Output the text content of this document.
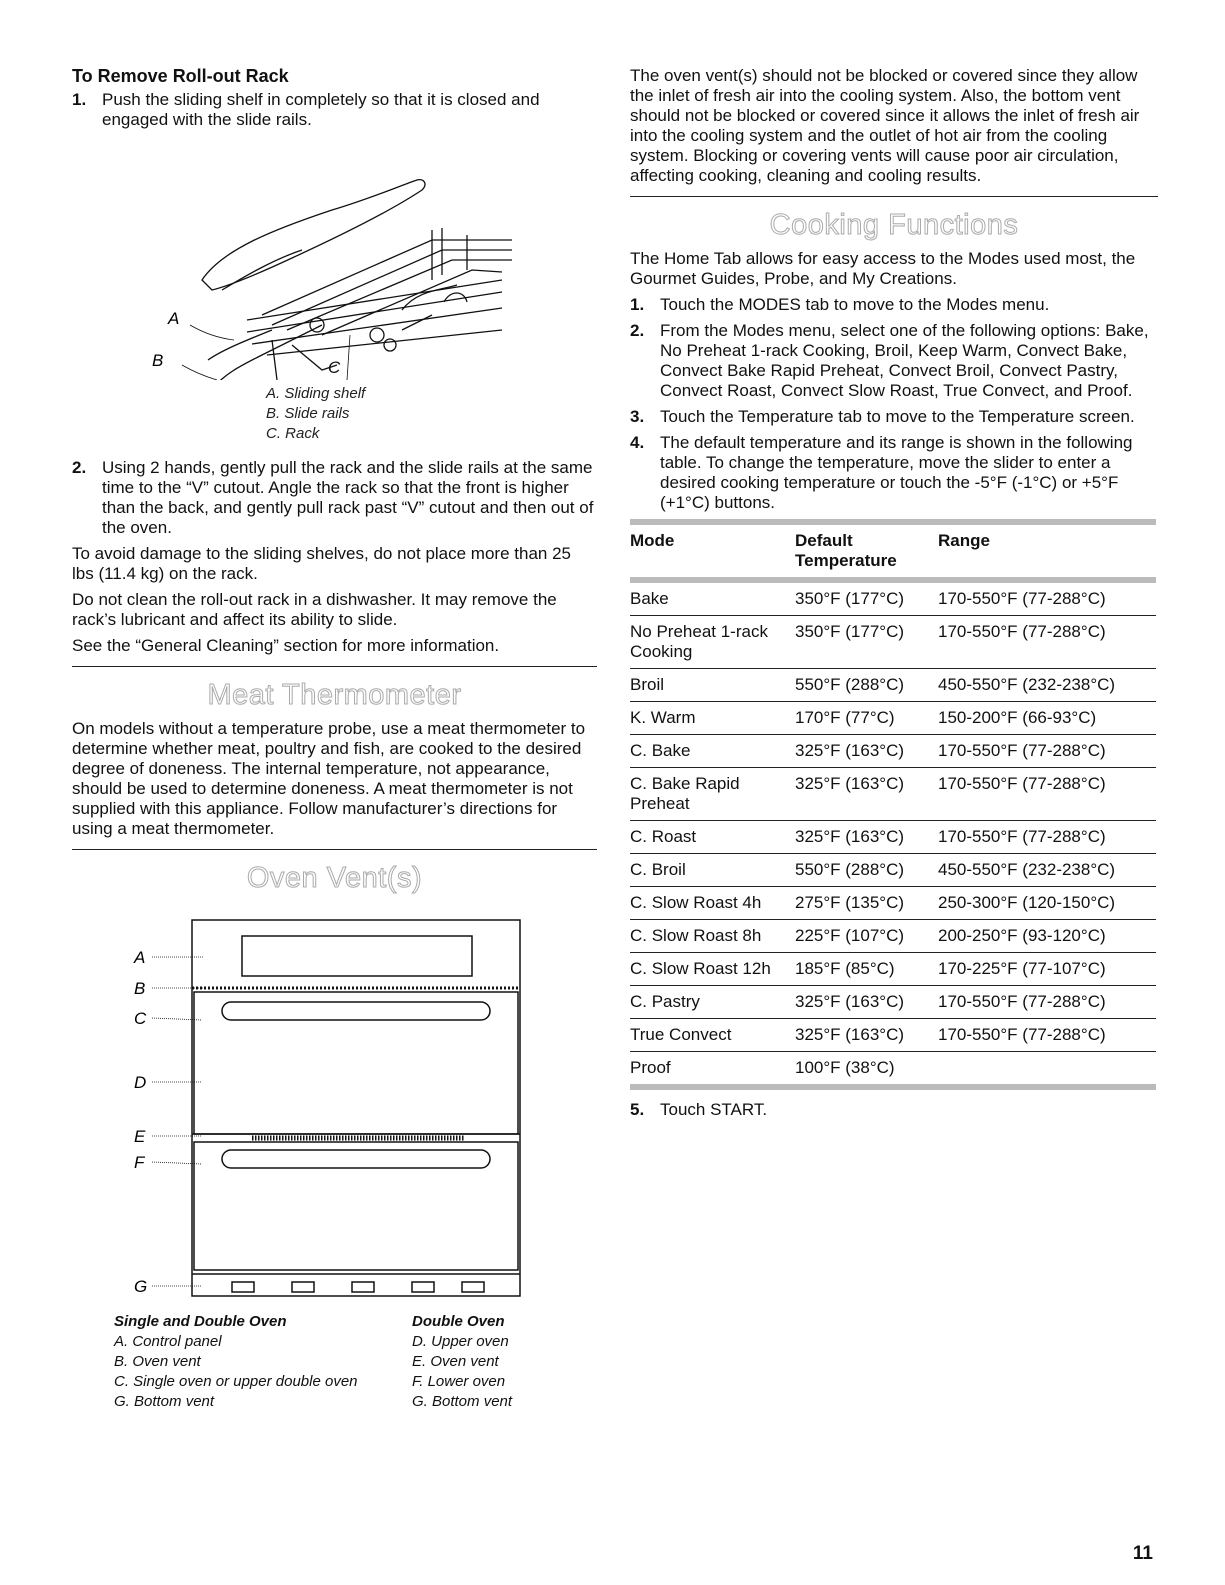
To Remove Roll-out Rack
1. Push the sliding shelf in completely so that it is closed and engaged with the slide rails.
A
B	C
A. Sliding shelf
B. Slide rails
C. Rack
2. Using 2 hands, gently pull the rack and the slide rails at the same time to the “V” cutout. Angle the rack so that the front is higher than the back, and gently pull rack past “V” cutout and then out of the oven.

To avoid damage to the sliding shelves, do not place more than 25 lbs (11.4 kg) on the rack.

Do not clean the roll-out rack in a dishwasher. It may remove the rack’s lubricant and affect its ability to slide.

See the “General Cleaning” section for more information.

Meat Thermometer

On models without a temperature probe, use a meat thermometer to determine whether meat, poultry and fish, are cooked to the desired degree of doneness. The internal temperature, not appearance, should be used to determine doneness. A meat thermometer is not supplied with this appliance. Follow manufacturer’s directions for using a meat thermometer.

Oven Vent(s)
A
B
C
D
E
F
G
Single and Double Oven
A. Control panel
B. Oven vent
C. Single oven or upper double oven
G. Bottom vent
Double Oven
D. Upper oven
E. Oven vent
F. Lower oven
G. Bottom vent

The oven vent(s) should not be blocked or covered since they allow the inlet of fresh air into the cooling system. Also, the bottom vent should not be blocked or covered since it allows the inlet of fresh air into the cooling system and the outlet of hot air from the cooling system. Blocking or covering vents will cause poor air circulation, affecting cooking, cleaning and cooling results.

Cooking Functions

The Home Tab allows for easy access to the Modes used most, the Gourmet Guides, Probe, and My Creations.

1. Touch the MODES tab to move to the Modes menu.
2. From the Modes menu, select one of the following options: Bake, No Preheat 1-rack Cooking, Broil, Keep Warm, Convect Bake, Convect Bake Rapid Preheat, Convect Broil, Convect Pastry, Convect Roast, Convect Slow Roast, True Convect, and Proof.
3. Touch the Temperature tab to move to the Temperature screen.
4. The default temperature and its range is shown in the following table. To change the temperature, move the slider to enter a desired cooking temperature or touch the -5°F (-1°C) or +5°F (+1°C) buttons.
Mode	Default Temperature	Range
Bake	350°F (177°C)	170-550°F (77-288°C)
No Preheat 1-rack Cooking	350°F (177°C)	170-550°F (77-288°C)
Broil	550°F (288°C)	450-550°F (232-238°C)
K. Warm	170°F (77°C)	150-200°F (66-93°C)
C. Bake	325°F (163°C)	170-550°F (77-288°C)
C. Bake Rapid Preheat	325°F (163°C)	170-550°F (77-288°C)
C. Roast	325°F (163°C)	170-550°F (77-288°C)
C. Broil	550°F (288°C)	450-550°F (232-238°C)
C. Slow Roast 4h	275°F (135°C)	250-300°F (120-150°C)
C. Slow Roast 8h	225°F (107°C)	200-250°F (93-120°C)
C. Slow Roast 12h	185°F (85°C)	170-225°F (77-107°C)
C. Pastry	325°F (163°C)	170-550°F (77-288°C)
True Convect	325°F (163°C)	170-550°F (77-288°C)
Proof	100°F (38°C)	
5. Touch START.
11
